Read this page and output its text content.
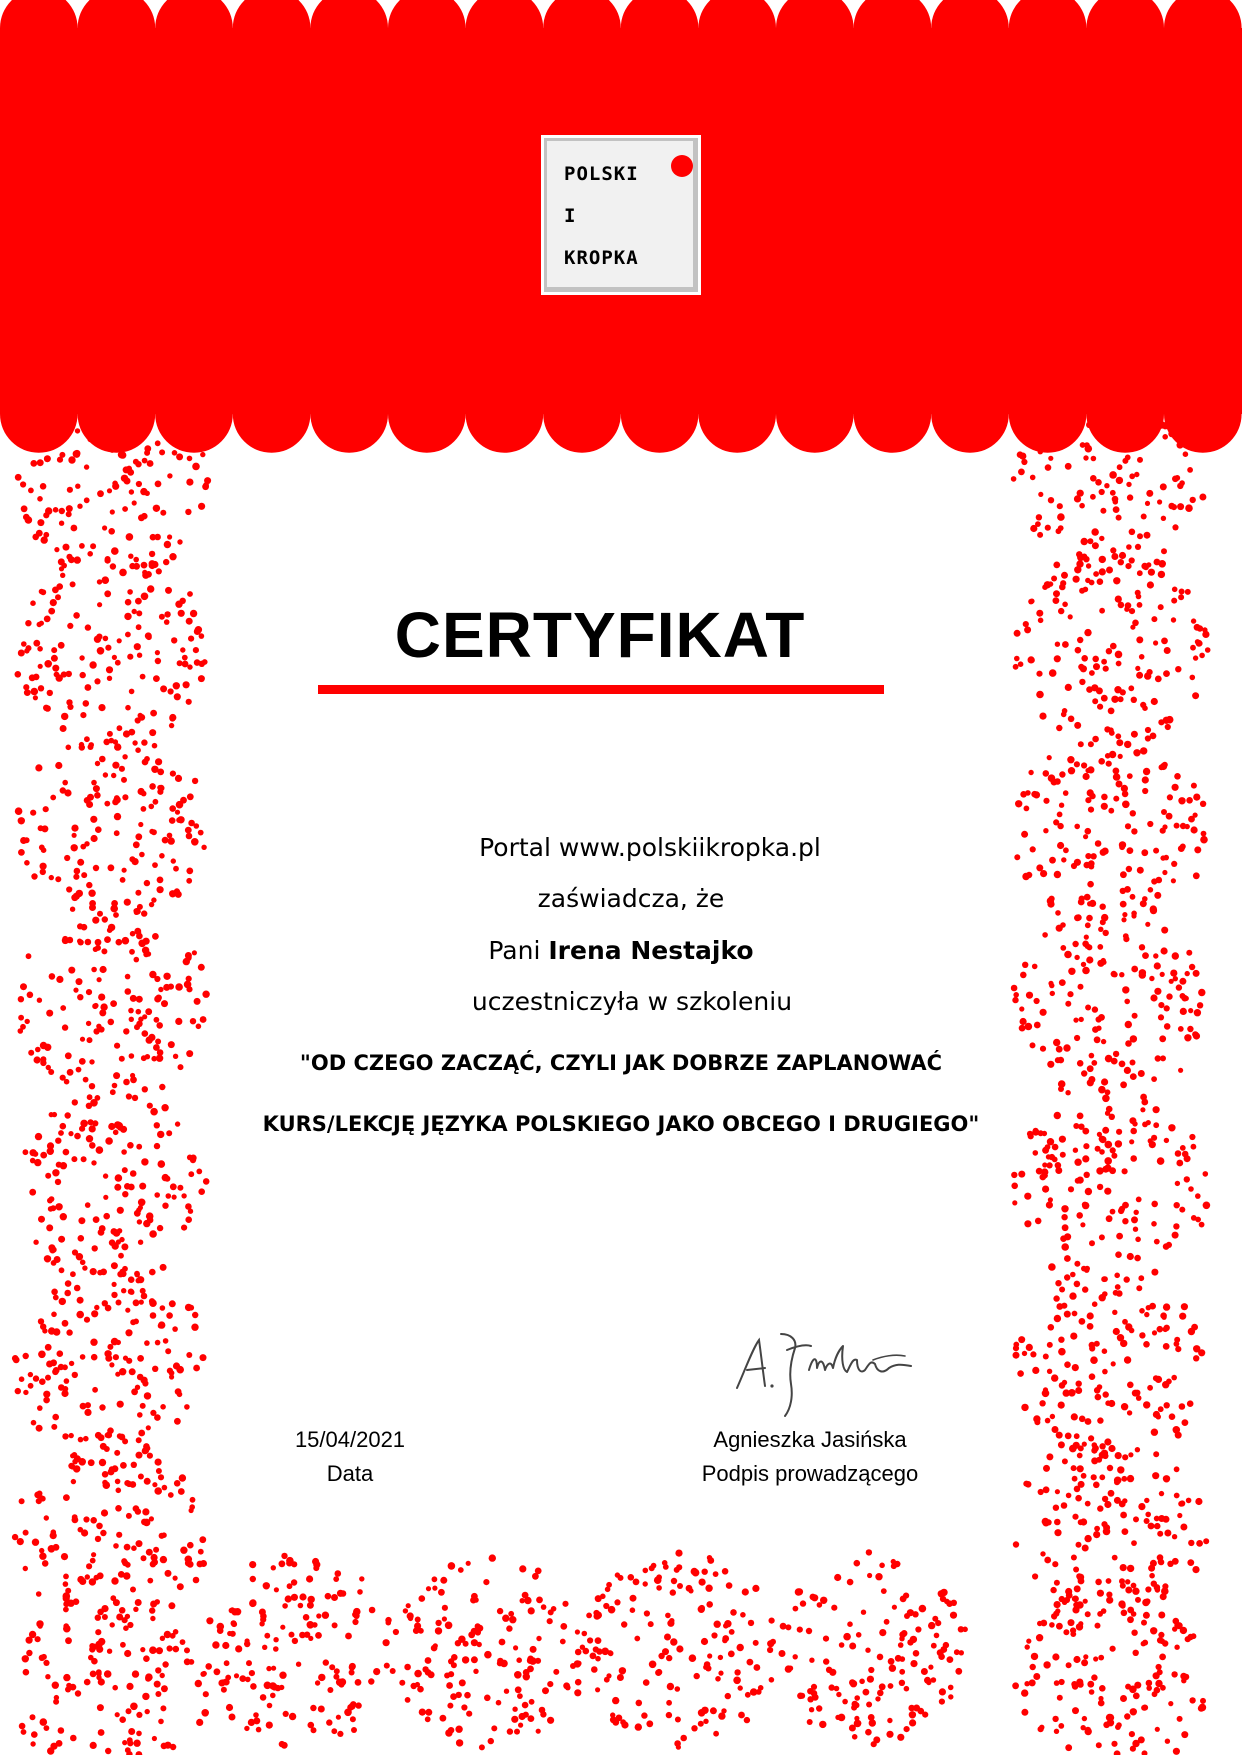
POLSKI
I
KROPKA
CERTYFIKAT
Portal www.polskiikropka.pl
zaświadcza, że
Pani Irena Nestajko
uczestniczyła w szkoleniu
"OD CZEGO ZACZĄĆ, CZYLI JAK DOBRZE ZAPLANOWAĆ
KURS/LEKCJĘ JĘZYKA POLSKIEGO JAKO OBCEGO I DRUGIEGO"
15/04/2021
Data
Agnieszka Jasińska
Podpis prowadzącego
